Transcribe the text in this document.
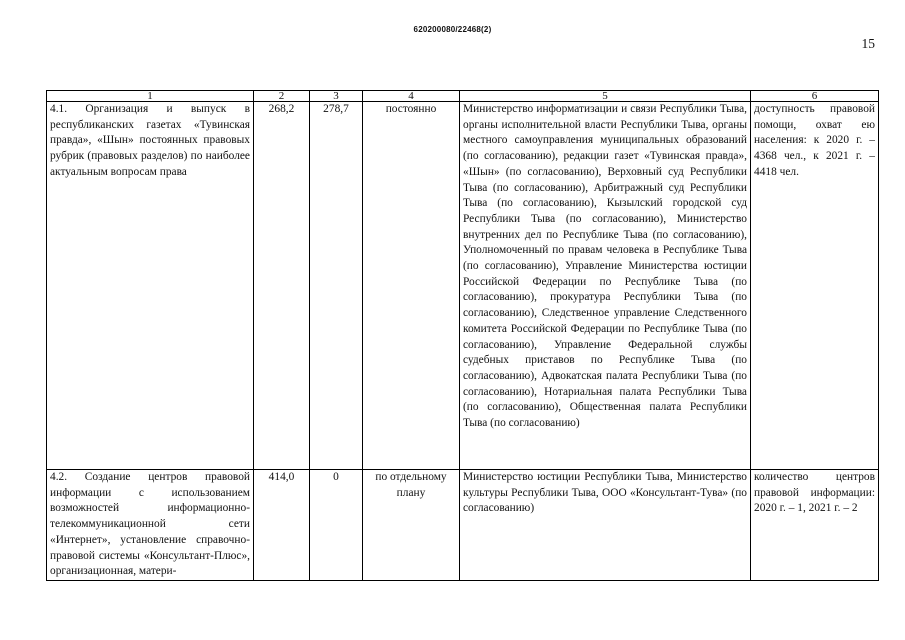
620200080/22468(2)
15
1	2	3	4	5	6
4.1. Организация и выпуск в республиканских газетах «Тувинская правда», «Шын» постоянных правовых рубрик (правовых разделов) по наиболее актуальным вопросам права	268,2	278,7	постоянно	Министерство информатизации и связи Республики Тыва, органы исполнительной власти Республики Тыва, органы местного самоуправления муниципальных образований (по согласованию), редакции газет «Тувинская правда», «Шын» (по согласованию), Верховный суд Республики Тыва (по согласованию), Арбитражный суд Республики Тыва (по согласованию), Кызылский городской суд Республики Тыва (по согласованию), Министерство внутренних дел по Республике Тыва (по согласованию), Уполномоченный по правам человека в Республике Тыва (по согласованию), Управление Министерства юстиции Российской Федерации по Республике Тыва (по согласованию), прокуратура Республики Тыва (по согласованию), Следственное управление Следственного комитета Российской Федерации по Республике Тыва (по согласованию), Управление Федеральной службы судебных приставов по Республике Тыва (по согласованию), Адвокатская палата Республики Тыва (по согласованию), Нотариальная палата Республики Тыва (по согласованию), Общественная палата Республики Тыва (по согласованию)	доступность правовой помощи, охват ею населения: к 2020 г. – 4368 чел., к 2021 г. – 4418 чел.
4.2. Создание центров правовой информации с использованием возможностей информационно-телекоммуникационной сети «Интернет», установление справочно-правовой системы «Консультант-Плюс», организационная, матери-	414,0	0	по отдельному плану	Министерство юстиции Республики Тыва, Министерство культуры Республики Тыва, ООО «Консультант-Тува» (по согласованию)	количество центров правовой информации: 2020 г. – 1, 2021 г. – 2
